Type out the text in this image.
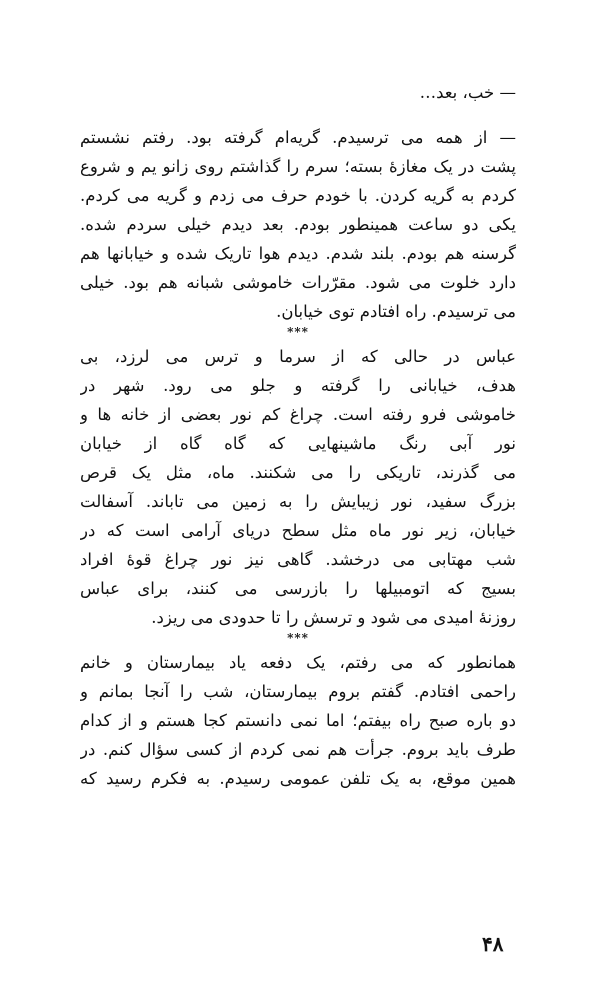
— خب، بعد…
— از همه می ترسیدم. گریه‌ام گرفته بود. رفتم نشستم
پشت در یک مغازهٔ بسته؛ سرم را گذاشتم روی زانو یم و شروع
کردم به گریه کردن. با خودم حرف می زدم و گریه می کردم.
یکی دو ساعت همینطور بودم. بعد دیدم خیلی سردم شده.
گرسنه هم بودم. بلند شدم. دیدم هوا تاریک شده و خیابانها هم
دارد خلوت می شود. مقرّرات خاموشی شبانه هم بود. خیلی
می ترسیدم. راه افتادم توی خیابان.
***
عباس در حالی که از سرما و ترس می لرزد، بی
هدف، خیابانی را گرفته و جلو می رود. شهر در
خاموشی فرو رفته است. چراغ کم نور بعضی از خانه ها و
نور آبی رنگ ماشینهایی که گاه گاه از خیابان
می گذرند، تاریکی را می شکنند. ماه، مثل یک قرص
بزرگ سفید، نور زیبایش را به زمین می تاباند. آسفالت
خیابان، زیر نور ماه مثل سطح دریای آرامی است که در
شب مهتابی می درخشد. گاهی نیز نور چراغ قوهٔ افراد
بسیج که اتومبیلها را بازرسی می کنند، برای عباس
روزنهٔ امیدی می شود و ترسش را تا حدودی می ریزد.
***
همانطور که می رفتم، یک دفعه یاد بیمارستان و خانم
راحمی افتادم. گفتم بروم بیمارستان، شب را آنجا بمانم و
دو باره صبح راه بیفتم؛ اما نمی دانستم کجا هستم و از کدام
طرف باید بروم. جرأت هم نمی کردم از کسی سؤال کنم. در
همین موقع، به یک تلفن عمومی رسیدم. به فکرم رسید که
۴۸
